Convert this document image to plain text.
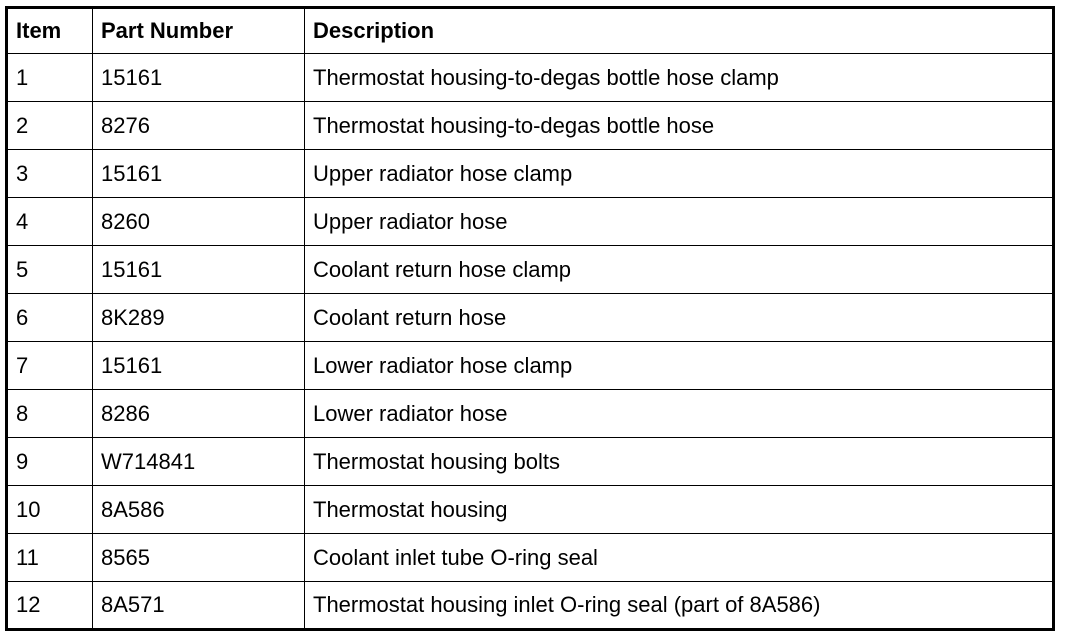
Item	Part Number	Description
1	15161	Thermostat housing-to-degas bottle hose clamp
2	8276	Thermostat housing-to-degas bottle hose
3	15161	Upper radiator hose clamp
4	8260	Upper radiator hose
5	15161	Coolant return hose clamp
6	8K289	Coolant return hose
7	15161	Lower radiator hose clamp
8	8286	Lower radiator hose
9	W714841	Thermostat housing bolts
10	8A586	Thermostat housing
11	8565	Coolant inlet tube O-ring seal
12	8A571	Thermostat housing inlet O-ring seal (part of 8A586)
